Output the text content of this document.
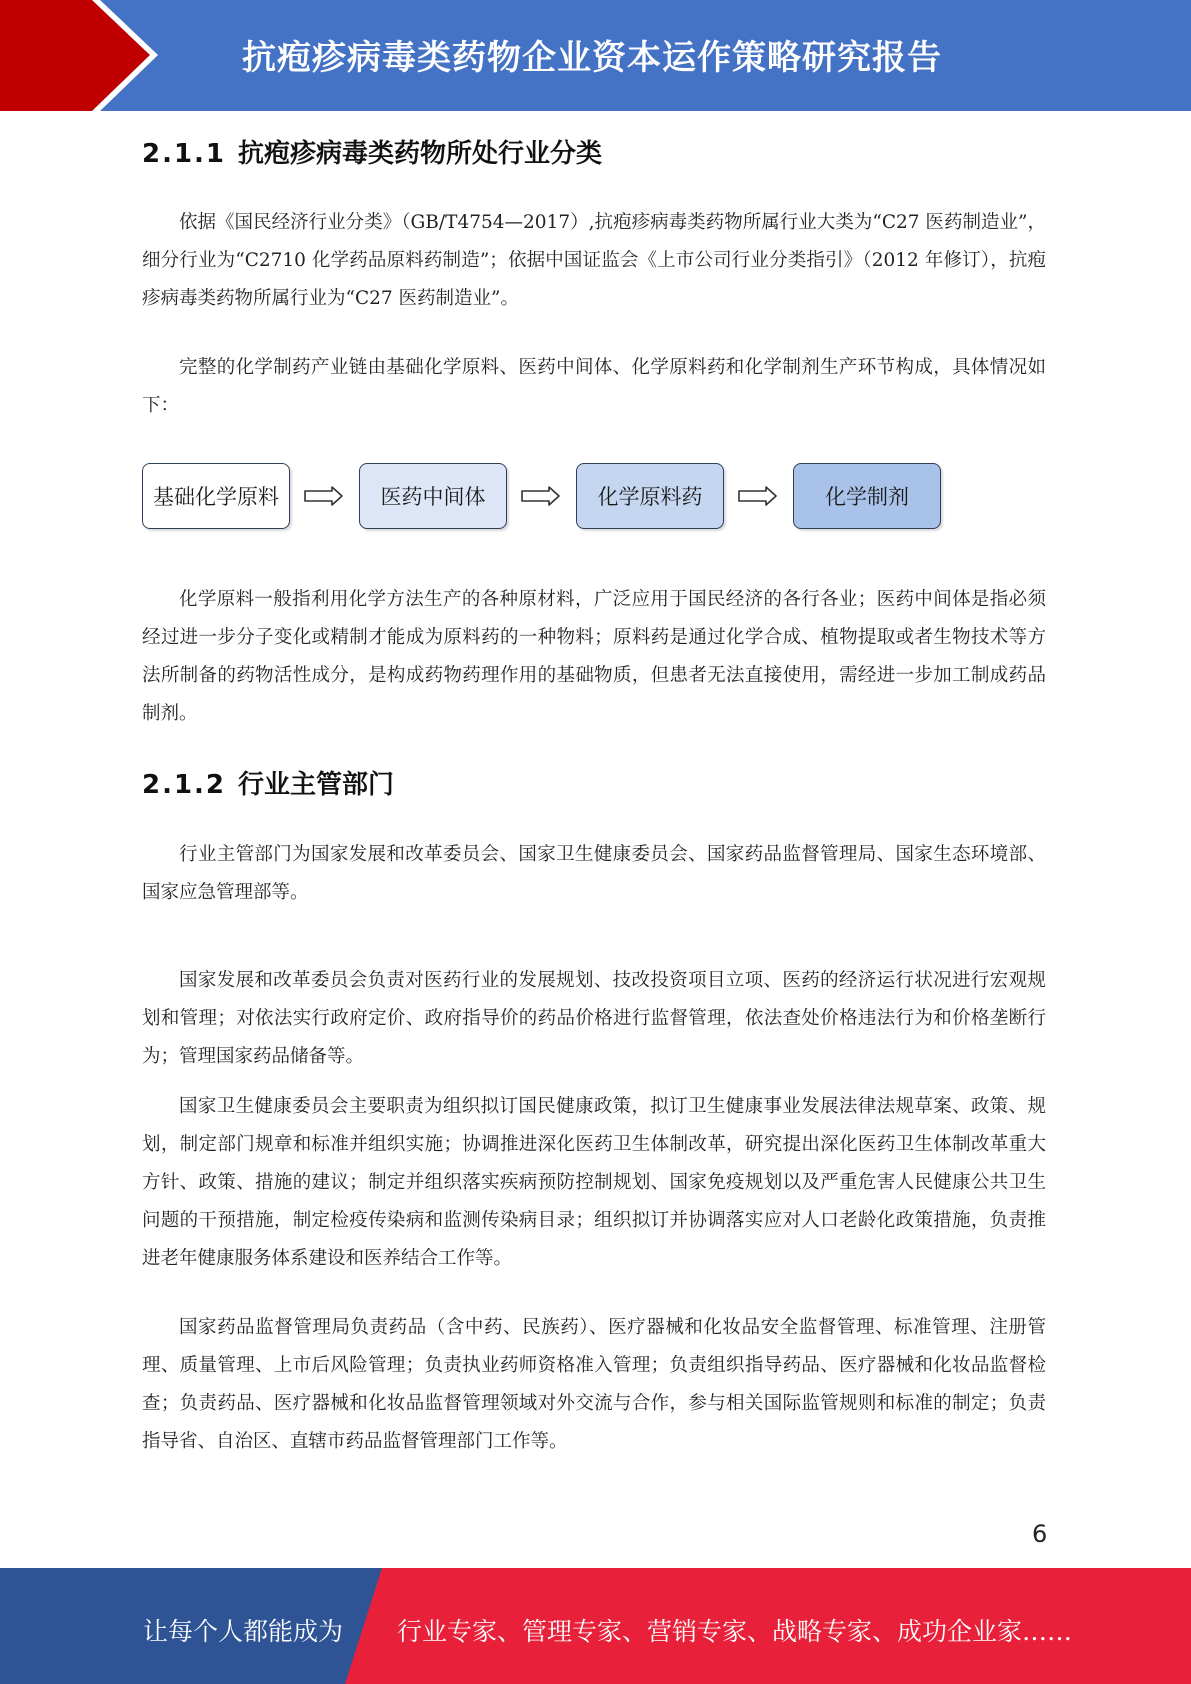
抗疱疹病毒类药物企业资本运作策略研究报告
2.1.1 抗疱疹病毒类药物所处行业分类
依据《国民经济行业分类》（GB/T4754—2017）,抗疱疹病毒类药物所属行业大类为“C27 医药制造业”，细分行业为“C2710 化学药品原料药制造”；依据中国证监会《上市公司行业分类指引》（2012 年修订），抗疱疹病毒类药物所属行业为“C27 医药制造业”。
完整的化学制药产业链由基础化学原料、医药中间体、化学原料药和化学制剂生产环节构成，具体情况如下：
基础化学原料	医药中间体	化学原料药	化学制剂
化学原料一般指利用化学方法生产的各种原材料，广泛应用于国民经济的各行各业；医药中间体是指必须经过进一步分子变化或精制才能成为原料药的一种物料；原料药是通过化学合成、植物提取或者生物技术等方法所制备的药物活性成分，是构成药物药理作用的基础物质，但患者无法直接使用，需经进一步加工制成药品制剂。
2.1.2 行业主管部门
行业主管部门为国家发展和改革委员会、国家卫生健康委员会、国家药品监督管理局、国家生态环境部、国家应急管理部等。
国家发展和改革委员会负责对医药行业的发展规划、技改投资项目立项、医药的经济运行状况进行宏观规划和管理；对依法实行政府定价、政府指导价的药品价格进行监督管理，依法查处价格违法行为和价格垄断行为；管理国家药品储备等。
国家卫生健康委员会主要职责为组织拟订国民健康政策，拟订卫生健康事业发展法律法规草案、政策、规划，制定部门规章和标准并组织实施；协调推进深化医药卫生体制改革，研究提出深化医药卫生体制改革重大方针、政策、措施的建议；制定并组织落实疾病预防控制规划、国家免疫规划以及严重危害人民健康公共卫生问题的干预措施，制定检疫传染病和监测传染病目录；组织拟订并协调落实应对人口老龄化政策措施，负责推进老年健康服务体系建设和医养结合工作等。
国家药品监督管理局负责药品（含中药、民族药）、医疗器械和化妆品安全监督管理、标准管理、注册管理、质量管理、上市后风险管理；负责执业药师资格准入管理；负责组织指导药品、医疗器械和化妆品监督检查；负责药品、医疗器械和化妆品监督管理领域对外交流与合作，参与相关国际监管规则和标准的制定；负责指导省、自治区、直辖市药品监督管理部门工作等。
6
让每个人都能成为 行业专家、管理专家、营销专家、战略专家、成功企业家……
